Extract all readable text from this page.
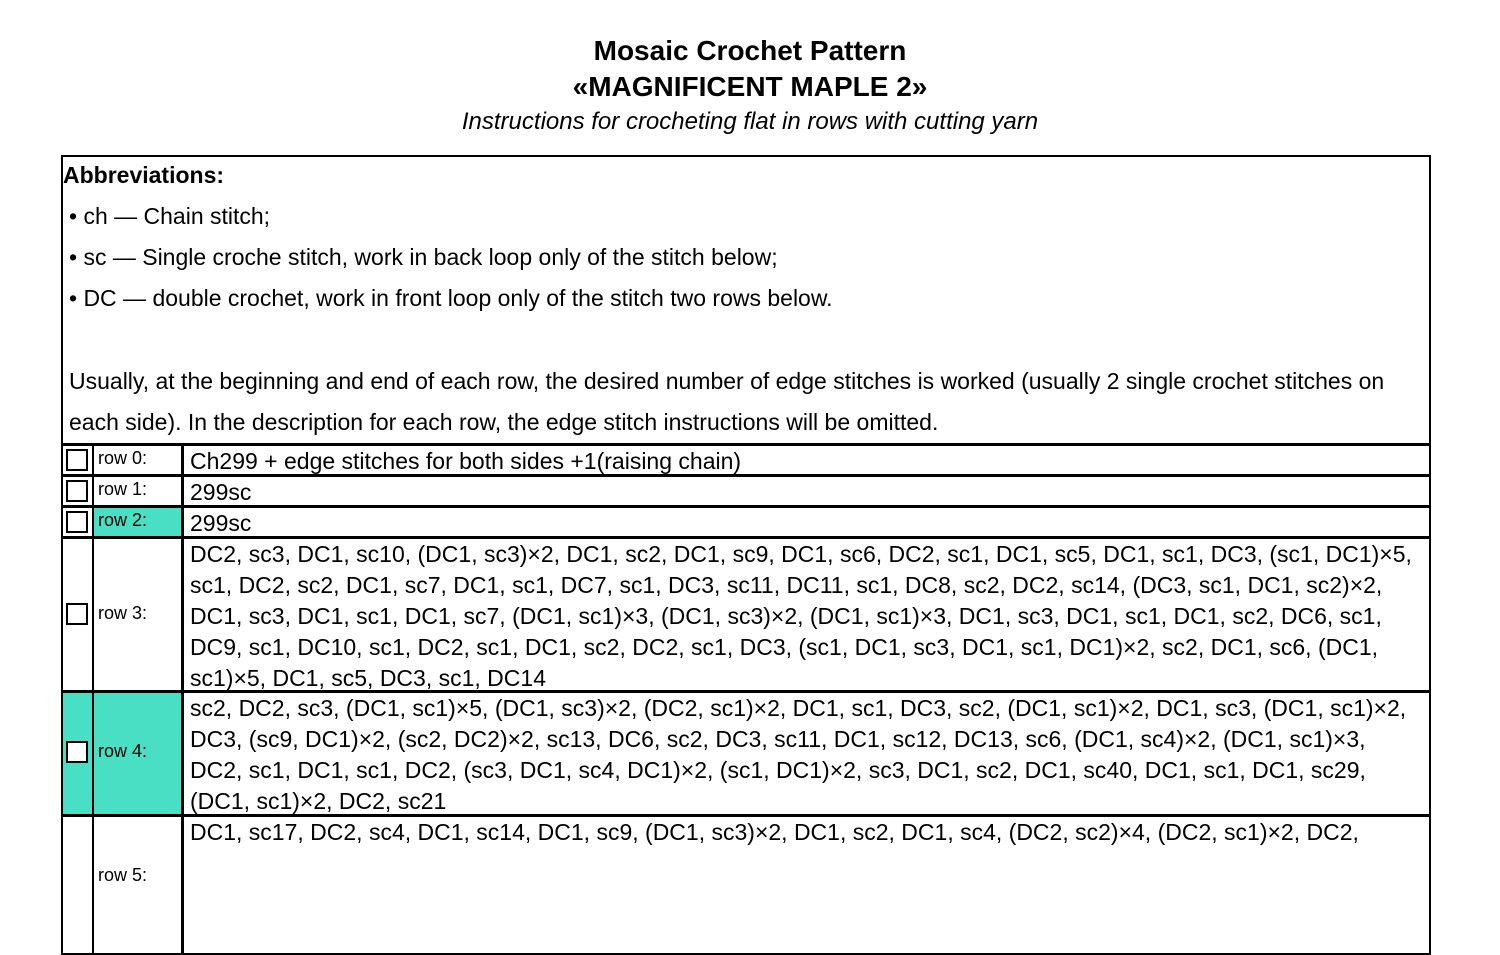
Mosaic Crochet Pattern
«MAGNIFICENT MAPLE 2»
Instructions for crocheting flat in rows with cutting yarn
Abbreviations:
• ch — Chain stitch;
• sc — Single croche stitch, work in back loop only of the stitch below;
• DC — double crochet, work in front loop only of the stitch two rows below.
Usually, at the beginning and end of each row, the desired number of edge stitches is worked (usually 2 single crochet stitches on each side). In the description for each row, the edge stitch instructions will be omitted.
row 0: Ch299 + edge stitches for both sides +1(raising chain)
row 1: 299sc
row 2: 299sc
row 3:
DC2, sc3, DC1, sc10, (DC1, sc3)×2, DC1, sc2, DC1, sc9, DC1, sc6, DC2, sc1, DC1, sc5, DC1, sc1, DC3, (sc1, DC1)×5, sc1, DC2, sc2, DC1, sc7, DC1, sc1, DC7, sc1, DC3, sc11, DC11, sc1, DC8, sc2, DC2, sc14, (DC3, sc1, DC1, sc2)×2, DC1, sc3, DC1, sc1, DC1, sc7, (DC1, sc1)×3, (DC1, sc3)×2, (DC1, sc1)×3, DC1, sc3, DC1, sc1, DC1, sc2, DC6, sc1, DC9, sc1, DC10, sc1, DC2, sc1, DC1, sc2, DC2, sc1, DC3, (sc1, DC1, sc3, DC1, sc1, DC1)×2, sc2, DC1, sc6, (DC1, sc1)×5, DC1, sc5, DC3, sc1, DC14
row 4:
sc2, DC2, sc3, (DC1, sc1)×5, (DC1, sc3)×2, (DC2, sc1)×2, DC1, sc1, DC3, sc2, (DC1, sc1)×2, DC1, sc3, (DC1, sc1)×2, DC3, (sc9, DC1)×2, (sc2, DC2)×2, sc13, DC6, sc2, DC3, sc11, DC1, sc12, DC13, sc6, (DC1, sc4)×2, (DC1, sc1)×3, DC2, sc1, DC1, sc1, DC2, (sc3, DC1, sc4, DC1)×2, (sc1, DC1)×2, sc3, DC1, sc2, DC1, sc40, DC1, sc1, DC1, sc29, (DC1, sc1)×2, DC2, sc21
row 5:
DC1, sc17, DC2, sc4, DC1, sc14, DC1, sc9, (DC1, sc3)×2, DC1, sc2, DC1, sc4, (DC2, sc2)×4, (DC2, sc1)×2, DC2,
